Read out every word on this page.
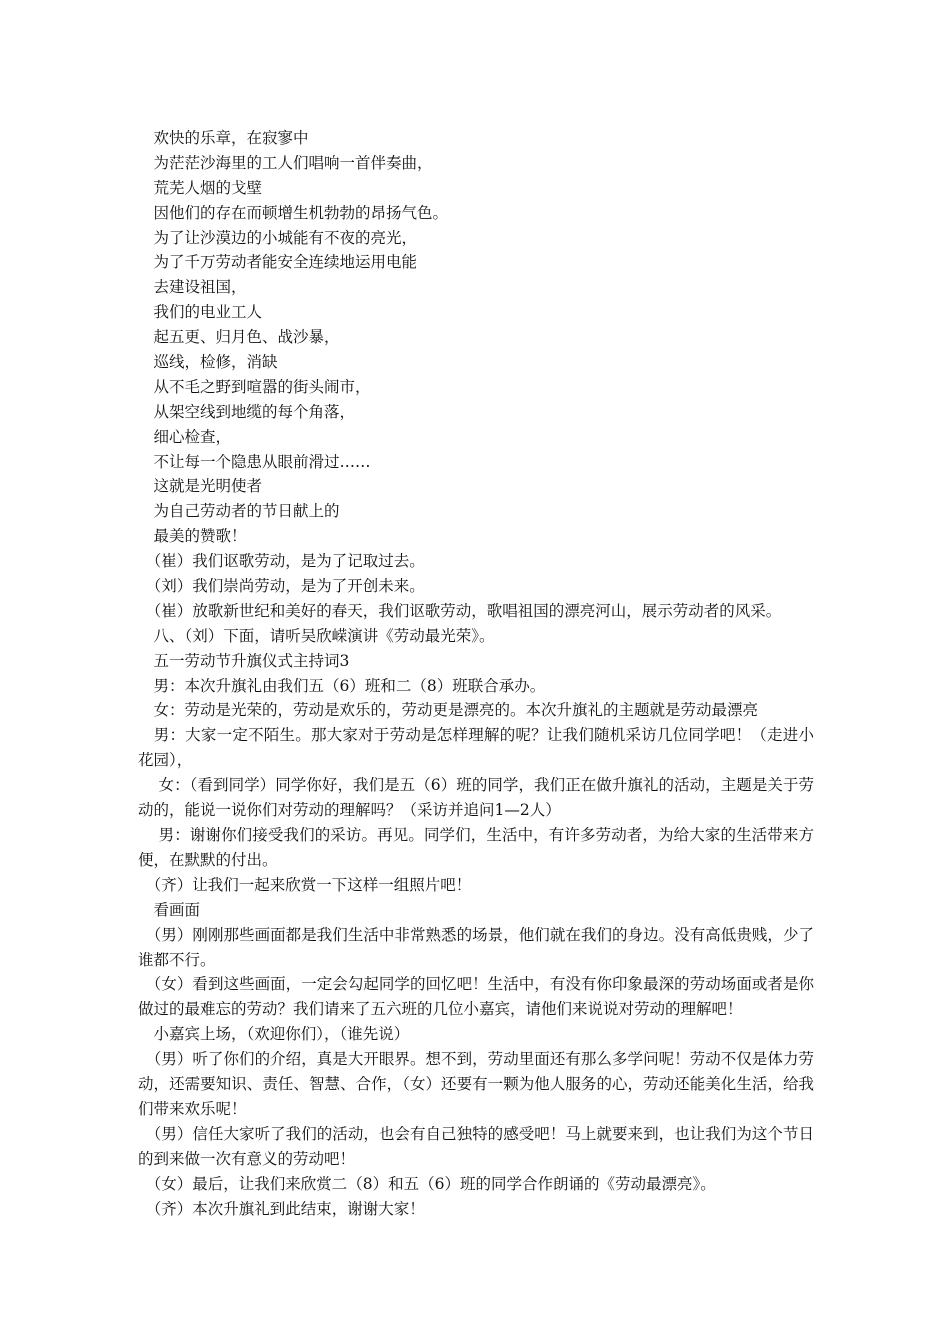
　欢快的乐章，在寂寥中
　为茫茫沙海里的工人们唱响一首伴奏曲，
　荒芜人烟的戈壁
　因他们的存在而顿增生机勃勃的昂扬气色。
　为了让沙漠边的小城能有不夜的亮光，
　为了千万劳动者能安全连续地运用电能
　去建设祖国，
　我们的电业工人
　起五更、归月色、战沙暴，
　巡线，检修，消缺
　从不毛之野到喧嚣的街头闹市，
　从架空线到地缆的每个角落，
　细心检查，
　不让每一个隐患从眼前滑过……
　这就是光明使者
　为自己劳动者的节日献上的
　最美的赞歌！
　（崔）我们讴歌劳动，是为了记取过去。
　（刘）我们崇尚劳动，是为了开创未来。
　（崔）放歌新世纪和美好的春天，我们讴歌劳动，歌唱祖国的漂亮河山，展示劳动者的风采。
　八、（刘）下面，请听吴欣嵘演讲《劳动最光荣》。
　五一劳动节升旗仪式主持词3
　男：本次升旗礼由我们五（6）班和二（8）班联合承办。
　女：劳动是光荣的，劳动是欢乐的，劳动更是漂亮的。本次升旗礼的主题就是劳动最漂亮
　男：大家一定不陌生。那大家对于劳动是怎样理解的呢？让我们随机采访几位同学吧！（走进小花园），
　 女：（看到同学）同学你好，我们是五（6）班的同学，我们正在做升旗礼的活动，主题是关于劳动的，能说一说你们对劳动的理解吗？（采访并追问1—2人）
　 男：谢谢你们接受我们的采访。再见。同学们，生活中，有许多劳动者，为给大家的生活带来方便，在默默的付出。
　（齐）让我们一起来欣赏一下这样一组照片吧！
　看画面
　（男）刚刚那些画面都是我们生活中非常熟悉的场景，他们就在我们的身边。没有高低贵贱，少了谁都不行。
　（女）看到这些画面，一定会勾起同学的回忆吧！生活中，有没有你印象最深的劳动场面或者是你做过的最难忘的劳动？我们请来了五六班的几位小嘉宾，请他们来说说对劳动的理解吧！
　小嘉宾上场，（欢迎你们），（谁先说）
　（男）听了你们的介绍，真是大开眼界。想不到，劳动里面还有那么多学问呢！劳动不仅是体力劳动，还需要知识、责任、智慧、合作，（女）还要有一颗为他人服务的心，劳动还能美化生活，给我们带来欢乐呢！
　（男）信任大家听了我们的活动，也会有自己独特的感受吧！马上就要来到，也让我们为这个节日的到来做一次有意义的劳动吧！
　（女）最后，让我们来欣赏二（8）和五（6）班的同学合作朗诵的《劳动最漂亮》。
　（齐）本次升旗礼到此结束，谢谢大家！
